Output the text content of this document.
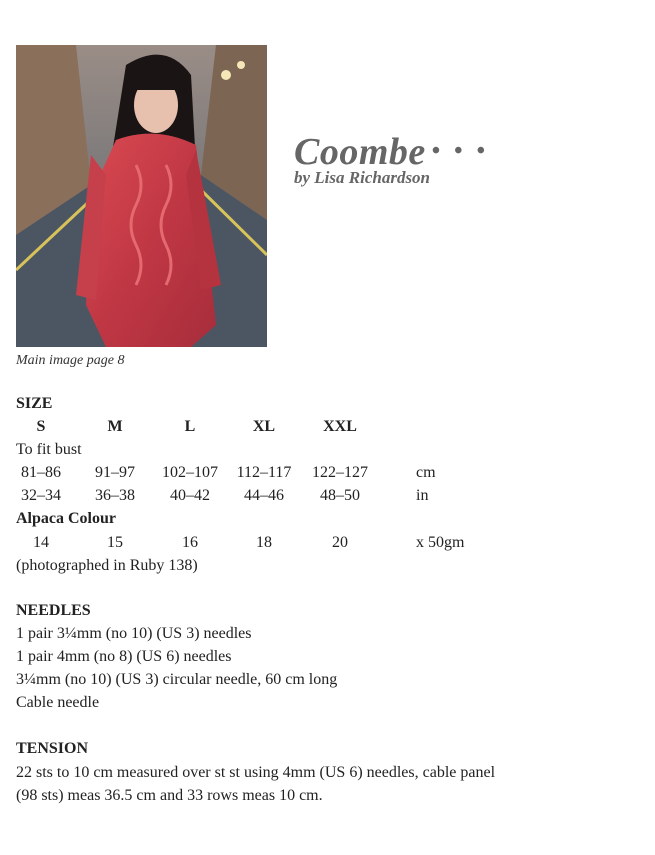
Main image page 8
Coombe • • •
by Lisa Richardson
SIZE
S	M	L	XL	XXL
To fit bust
81–86	91–97	102–107 112–117 122–127	cm
32–34	36–38	40–42	44–46	48–50	in
Alpaca Colour
14	15	16	18	20	x 50gm
(photographed in Ruby 138)
NEEDLES
1 pair 3¼mm (no 10) (US 3) needles
1 pair 4mm (no 8) (US 6) needles
3¼mm (no 10) (US 3) circular needle, 60 cm long
Cable needle
TENSION
22 sts to 10 cm measured over st st using 4mm (US 6) needles, cable panel
(98 sts) meas 36.5 cm and 33 rows meas 10 cm.
